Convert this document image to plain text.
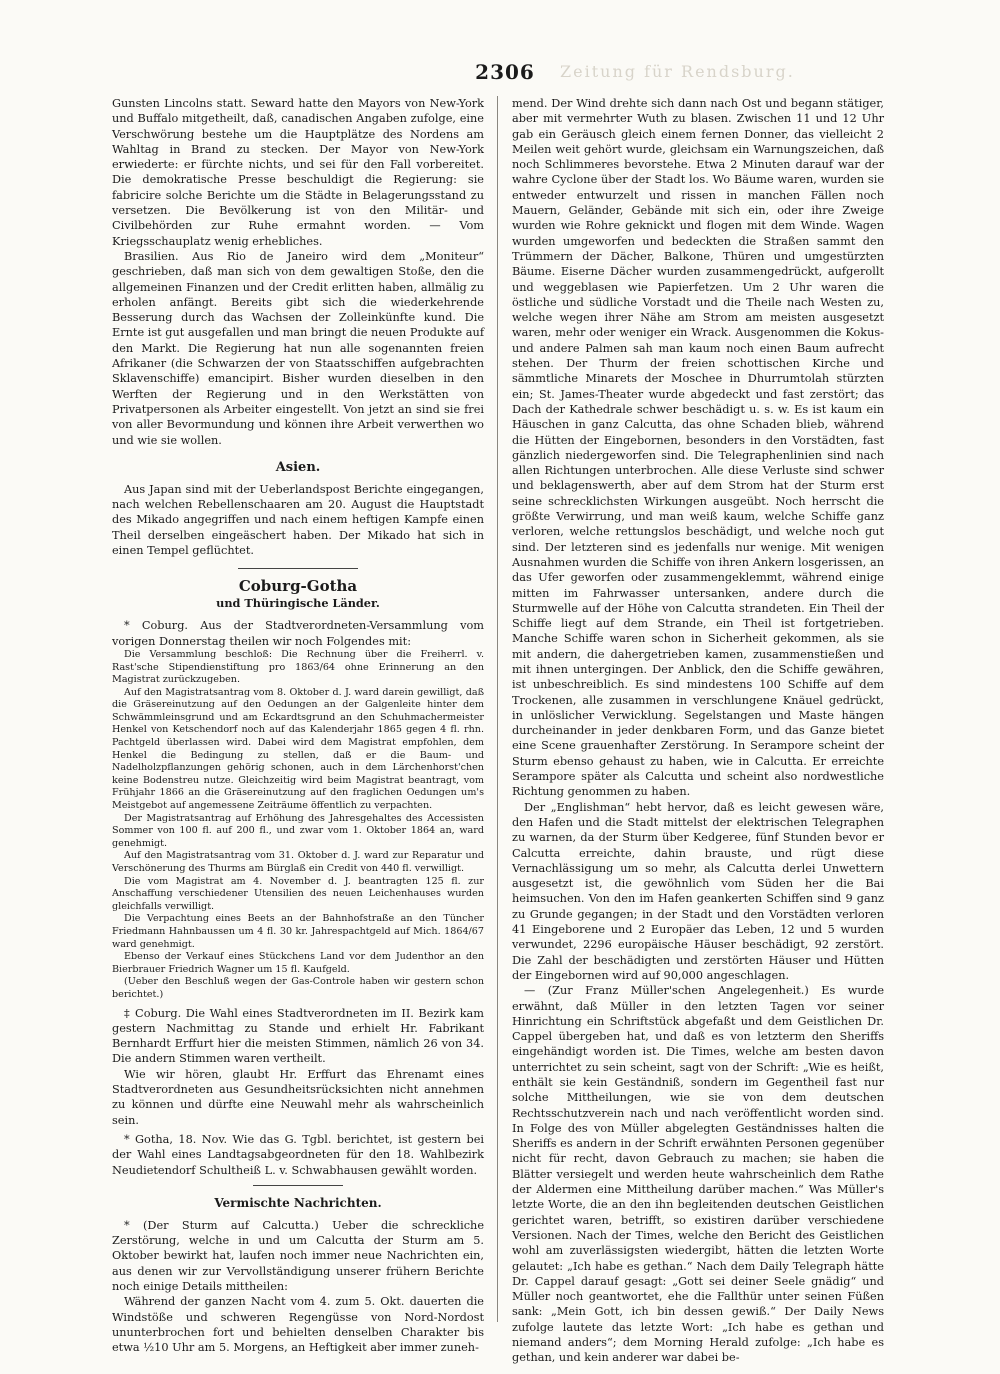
2306	Zeitung für Rendsburg.

Gunsten Lincolns statt. Seward hatte den Mayors von New-York und Buffalo mitgetheilt, daß, canadischen Angaben zufolge, eine Verschwörung bestehe um die Hauptplätze des Nordens am Wahltag in Brand zu stecken. Der Mayor von New-York erwiederte: er fürchte nichts, und sei für den Fall vorbereitet. Die demokratische Presse beschuldigt die Regierung: sie fabricire solche Berichte um die Städte in Belagerungsstand zu versetzen. Die Bevölkerung ist von den Militär- und Civilbehörden zur Ruhe ermahnt worden. — Vom Kriegsschauplatz wenig erhebliches.

Brasilien. Aus Rio de Janeiro wird dem „Moniteur“ geschrieben, daß man sich von dem gewaltigen Stoße, den die allgemeinen Finanzen und der Credit erlitten haben, allmälig zu erholen anfängt. Bereits gibt sich die wiederkehrende Besserung durch das Wachsen der Zolleinkünfte kund. Die Ernte ist gut ausgefallen und man bringt die neuen Produkte auf den Markt. Die Regierung hat nun alle sogenannten freien Afrikaner (die Schwarzen der von Staatsschiffen aufgebrachten Sklavenschiffe) emancipirt. Bisher wurden dieselben in den Werften der Regierung und in den Werkstätten von Privatpersonen als Arbeiter eingestellt. Von jetzt an sind sie frei von aller Bevormundung und können ihre Arbeit verwerthen wo und wie sie wollen.

Asien.

Aus Japan sind mit der Ueberlandspost Berichte eingegangen, nach welchen Rebellenschaaren am 20. August die Hauptstadt des Mikado angegriffen und nach einem heftigen Kampfe einen Theil derselben eingeäschert haben. Der Mikado hat sich in einen Tempel geflüchtet.

Coburg-Gotha
und Thüringische Länder.

* Coburg. Aus der Stadtverordneten-Versammlung vom vorigen Donnerstag theilen wir noch Folgendes mit:

Die Versammlung beschloß: Die Rechnung über die Freiherrl. v. Rast'sche Stipendienstiftung pro 1863/64 ohne Erinnerung an den Magistrat zurückzugeben.

Auf den Magistratsantrag vom 8. Oktober d. J. ward darein gewilligt, daß die Gräsereinutzung auf den Oedungen an der Galgenleite hinter dem Schwämmleinsgrund und am Eckardtsgrund an den Schuhmachermeister Henkel von Ketschendorf noch auf das Kalenderjahr 1865 gegen 4 fl. rhn. Pachtgeld überlassen wird. Dabei wird dem Magistrat empfohlen, dem Henkel die Bedingung zu stellen, daß er die Baum- und Nadelholzpflanzungen gehörig schonen, auch in dem Lärchenhorst'chen keine Bodenstreu nutze. Gleichzeitig wird beim Magistrat beantragt, vom Frühjahr 1866 an die Gräsereinutzung auf den fraglichen Oedungen um's Meistgebot auf angemessene Zeiträume öffentlich zu verpachten.

Der Magistratsantrag auf Erhöhung des Jahresgehaltes des Accessisten Sommer von 100 fl. auf 200 fl., und zwar vom 1. Oktober 1864 an, ward genehmigt.

Auf den Magistratsantrag vom 31. Oktober d. J. ward zur Reparatur und Verschönerung des Thurms am Bürglaß ein Credit von 440 fl. verwilligt.

Die vom Magistrat am 4. November d. J. beantragten 125 fl. zur Anschaffung verschiedener Utensilien des neuen Leichenhauses wurden gleichfalls verwilligt.

Die Verpachtung eines Beets an der Bahnhofstraße an den Tüncher Friedmann Hahnbaussen um 4 fl. 30 kr. Jahrespachtgeld auf Mich. 1864/67 ward genehmigt.

Ebenso der Verkauf eines Stückchens Land vor dem Judenthor an den Bierbrauer Friedrich Wagner um 15 fl. Kaufgeld.

(Ueber den Beschluß wegen der Gas-Controle haben wir gestern schon berichtet.)

‡ Coburg. Die Wahl eines Stadtverordneten im II. Bezirk kam gestern Nachmittag zu Stande und erhielt Hr. Fabrikant Bernhardt Erffurt hier die meisten Stimmen, nämlich 26 von 34. Die andern Stimmen waren vertheilt.

Wie wir hören, glaubt Hr. Erffurt das Ehrenamt eines Stadtverordneten aus Gesundheitsrücksichten nicht annehmen zu können und dürfte eine Neuwahl mehr als wahrscheinlich sein.

* Gotha, 18. Nov. Wie das G. Tgbl. berichtet, ist gestern bei der Wahl eines Landtagsabgeordneten für den 18. Wahlbezirk Neudietendorf Schultheiß L. v. Schwabhausen gewählt worden.

Vermischte Nachrichten.

* (Der Sturm auf Calcutta.) Ueber die schreckliche Zerstörung, welche in und um Calcutta der Sturm am 5. Oktober bewirkt hat, laufen noch immer neue Nachrichten ein, aus denen wir zur Vervollständigung unserer frühern Berichte noch einige Details mittheilen:

Während der ganzen Nacht vom 4. zum 5. Okt. dauerten die Windstöße und schweren Regengüsse von Nord-Nordost ununterbrochen fort und behielten denselben Charakter bis etwa ½10 Uhr am 5. Morgens, an Heftigkeit aber immer zuneh-

mend. Der Wind drehte sich dann nach Ost und begann stätiger, aber mit vermehrter Wuth zu blasen. Zwischen 11 und 12 Uhr gab ein Geräusch gleich einem fernen Donner, das vielleicht 2 Meilen weit gehört wurde, gleichsam ein Warnungszeichen, daß noch Schlimmeres bevorstehe. Etwa 2 Minuten darauf war der wahre Cyclone über der Stadt los. Wo Bäume waren, wurden sie entweder entwurzelt und rissen in manchen Fällen noch Mauern, Geländer, Gebände mit sich ein, oder ihre Zweige wurden wie Rohre geknickt und flogen mit dem Winde. Wagen wurden umgeworfen und bedeckten die Straßen sammt den Trümmern der Dächer, Balkone, Thüren und umgestürzten Bäume. Eiserne Dächer wurden zusammengedrückt, aufgerollt und weggeblasen wie Papierfetzen. Um 2 Uhr waren die östliche und südliche Vorstadt und die Theile nach Westen zu, welche wegen ihrer Nähe am Strom am meisten ausgesetzt waren, mehr oder weniger ein Wrack. Ausgenommen die Kokus- und andere Palmen sah man kaum noch einen Baum aufrecht stehen. Der Thurm der freien schottischen Kirche und sämmtliche Minarets der Moschee in Dhurrumtolah stürzten ein; St. James-Theater wurde abgedeckt und fast zerstört; das Dach der Kathedrale schwer beschädigt u. s. w. Es ist kaum ein Häuschen in ganz Calcutta, das ohne Schaden blieb, während die Hütten der Eingebornen, besonders in den Vorstädten, fast gänzlich niedergeworfen sind. Die Telegraphenlinien sind nach allen Richtungen unterbrochen. Alle diese Verluste sind schwer und beklagenswerth, aber auf dem Strom hat der Sturm erst seine schrecklichsten Wirkungen ausgeübt. Noch herrscht die größte Verwirrung, und man weiß kaum, welche Schiffe ganz verloren, welche rettungslos beschädigt, und welche noch gut sind. Der letzteren sind es jedenfalls nur wenige. Mit wenigen Ausnahmen wurden die Schiffe von ihren Ankern losgerissen, an das Ufer geworfen oder zusammengeklemmt, während einige mitten im Fahrwasser untersanken, andere durch die Sturmwelle auf der Höhe von Calcutta strandeten. Ein Theil der Schiffe liegt auf dem Strande, ein Theil ist fortgetrieben. Manche Schiffe waren schon in Sicherheit gekommen, als sie mit andern, die dahergetrieben kamen, zusammenstießen und mit ihnen untergingen. Der Anblick, den die Schiffe gewähren, ist unbeschreiblich. Es sind mindestens 100 Schiffe auf dem Trockenen, alle zusammen in verschlungene Knäuel gedrückt, in unlöslicher Verwicklung. Segelstangen und Maste hängen durcheinander in jeder denkbaren Form, und das Ganze bietet eine Scene grauenhafter Zerstörung. In Serampore scheint der Sturm ebenso gehaust zu haben, wie in Calcutta. Er erreichte Serampore später als Calcutta und scheint also nordwestliche Richtung genommen zu haben.

Der „Englishman“ hebt hervor, daß es leicht gewesen wäre, den Hafen und die Stadt mittelst der elektrischen Telegraphen zu warnen, da der Sturm über Kedgeree, fünf Stunden bevor er Calcutta erreichte, dahin brauste, und rügt diese Vernachlässigung um so mehr, als Calcutta derlei Unwettern ausgesetzt ist, die gewöhnlich vom Süden her die Bai heimsuchen. Von den im Hafen geankerten Schiffen sind 9 ganz zu Grunde gegangen; in der Stadt und den Vorstädten verloren 41 Eingeborene und 2 Europäer das Leben, 12 und 5 wurden verwundet, 2296 europäische Häuser beschädigt, 92 zerstört. Die Zahl der beschädigten und zerstörten Häuser und Hütten der Eingebornen wird auf 90,000 angeschlagen.

— (Zur Franz Müller'schen Angelegenheit.) Es wurde erwähnt, daß Müller in den letzten Tagen vor seiner Hinrichtung ein Schriftstück abgefaßt und dem Geistlichen Dr. Cappel übergeben hat, und daß es von letzterm den Sheriffs eingehändigt worden ist. Die Times, welche am besten davon unterrichtet zu sein scheint, sagt von der Schrift: „Wie es heißt, enthält sie kein Geständniß, sondern im Gegentheil fast nur solche Mittheilungen, wie sie von dem deutschen Rechtsschutzverein nach und nach veröffentlicht worden sind. In Folge des von Müller abgelegten Geständnisses halten die Sheriffs es andern in der Schrift erwähnten Personen gegenüber nicht für recht, davon Gebrauch zu machen; sie haben die Blätter versiegelt und werden heute wahrscheinlich dem Rathe der Aldermen eine Mittheilung darüber machen.“ Was Müller's letzte Worte, die an den ihn begleitenden deutschen Geistlichen gerichtet waren, betrifft, so existiren darüber verschiedene Versionen. Nach der Times, welche den Bericht des Geistlichen wohl am zuverlässigsten wiedergibt, hätten die letzten Worte gelautet: „Ich habe es gethan.“ Nach dem Daily Telegraph hätte Dr. Cappel darauf gesagt: „Gott sei deiner Seele gnädig“ und Müller noch geantwortet, ehe die Fallthür unter seinen Füßen sank: „Mein Gott, ich bin dessen gewiß.“ Der Daily News zufolge lautete das letzte Wort: „Ich habe es gethan und niemand anders“; dem Morning Herald zufolge: „Ich habe es gethan, und kein anderer war dabei be-
